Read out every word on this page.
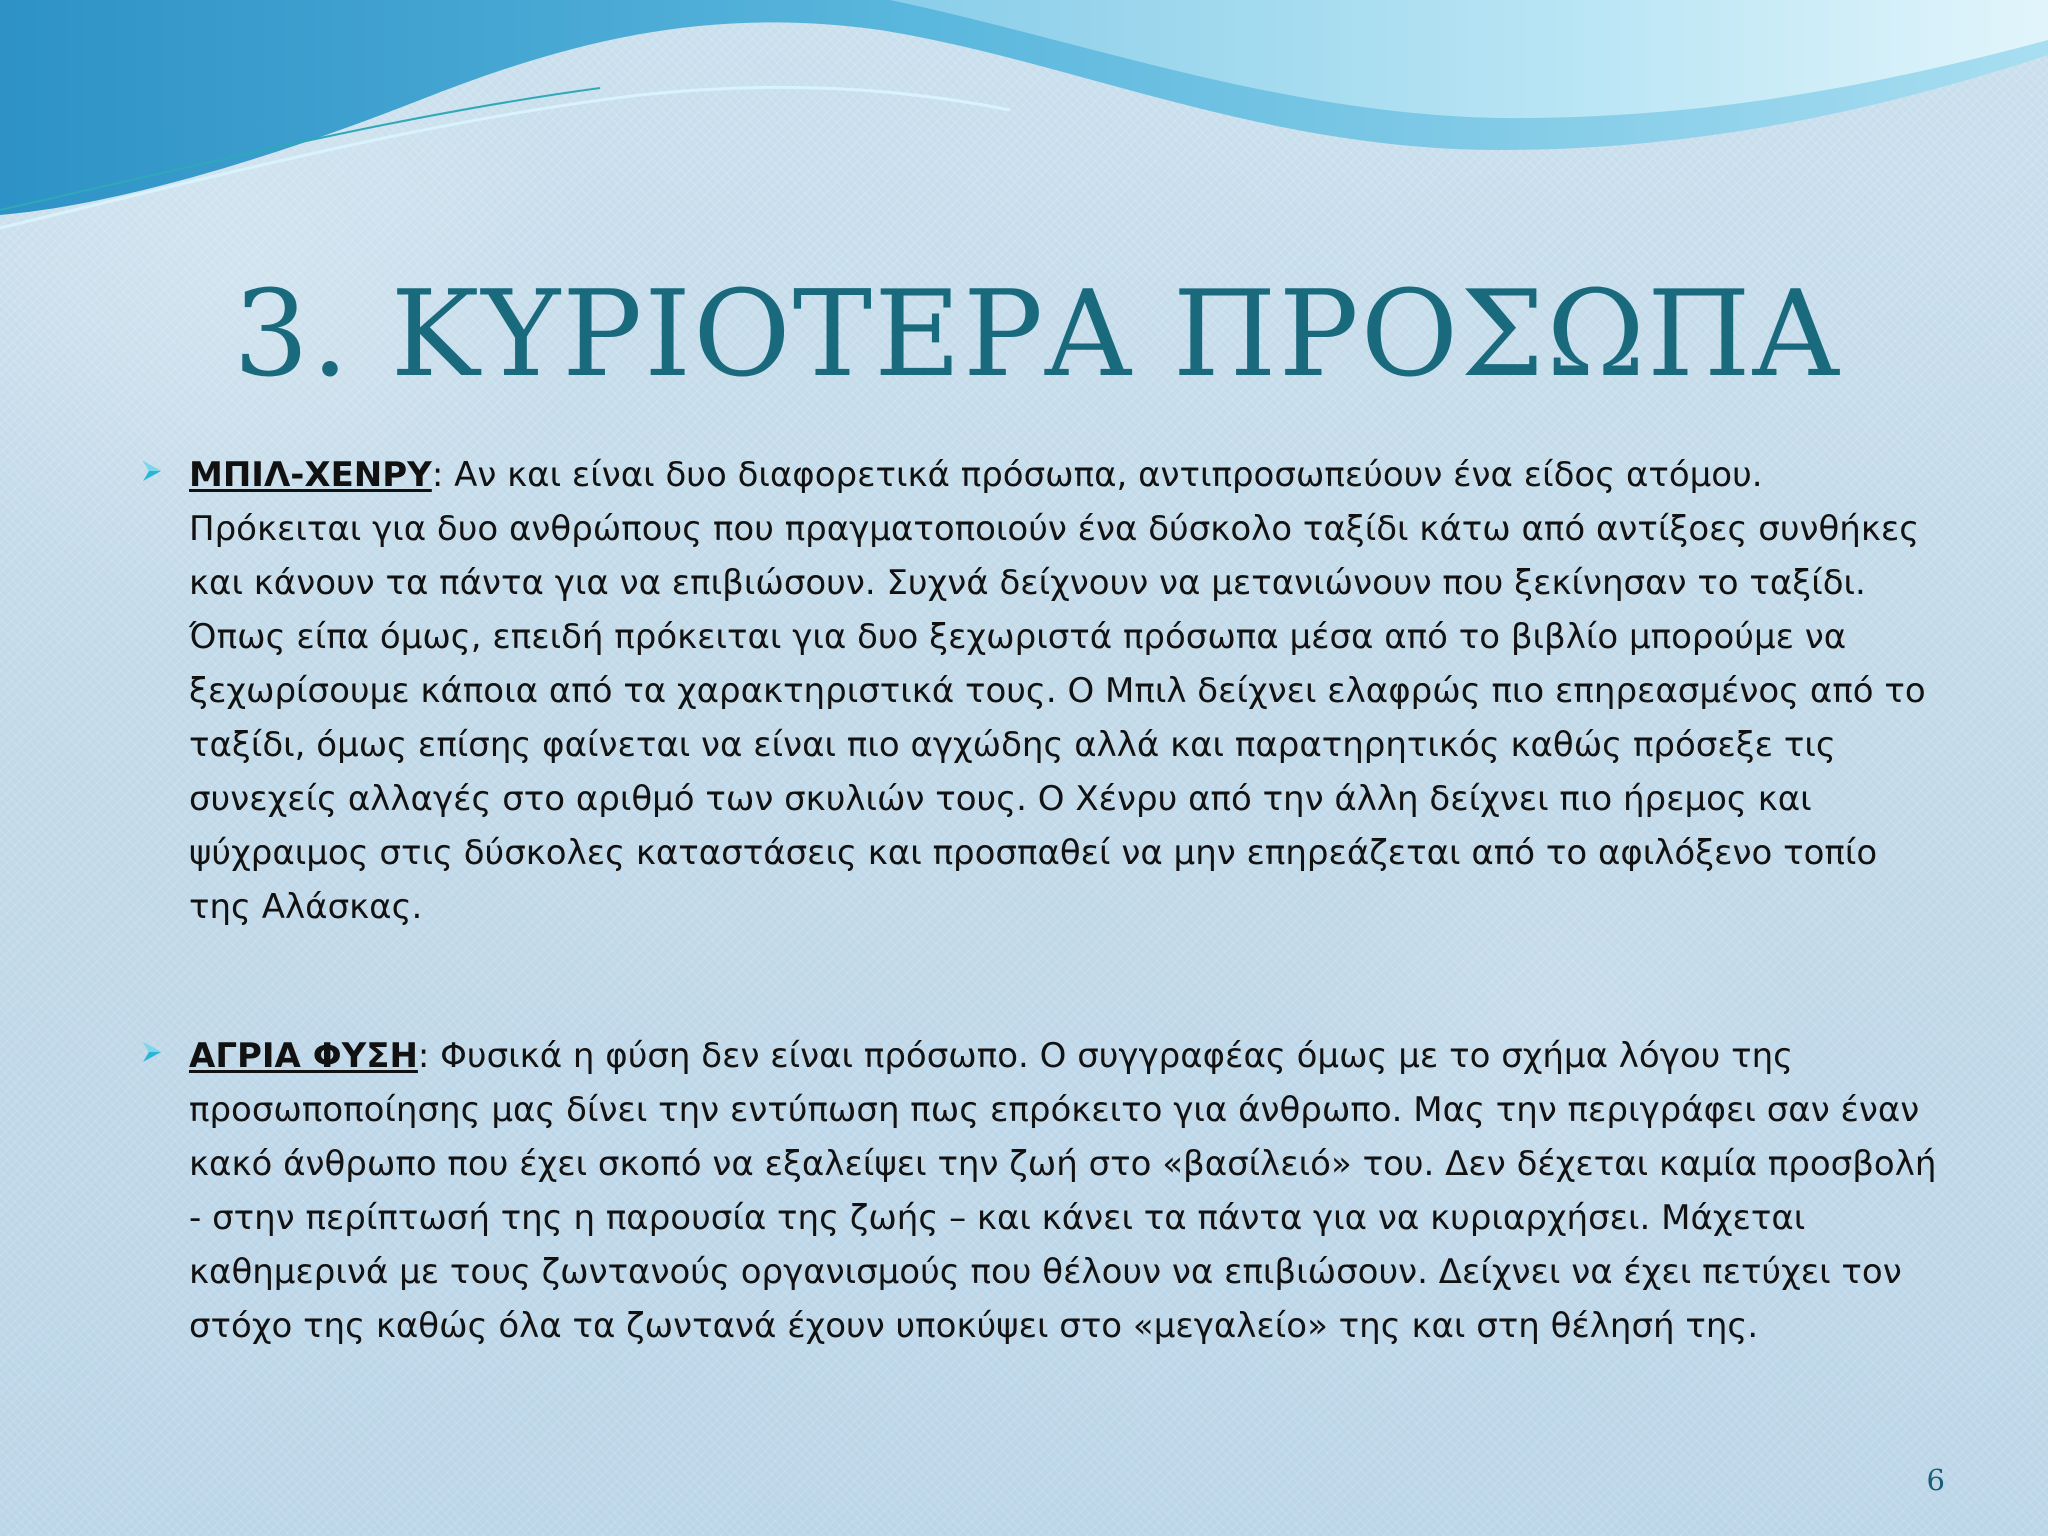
3. ΚΥΡΙΟΤΕΡΑ ΠΡΟΣΩΠΑ
ΜΠΙΛ-ΧΕΝΡΥ: Αν και είναι δυο διαφορετικά πρόσωπα, αντιπροσωπεύουν ένα είδος ατόμου. Πρόκειται για δυο ανθρώπους που πραγματοποιούν ένα δύσκολο ταξίδι κάτω από αντίξοες συνθήκες και κάνουν τα πάντα για να επιβιώσουν. Συχνά δείχνουν να μετανιώνουν που ξεκίνησαν το ταξίδι. Όπως είπα όμως, επειδή πρόκειται για δυο ξεχωριστά πρόσωπα μέσα από το βιβλίο μπορούμε να ξεχωρίσουμε κάποια από τα χαρακτηριστικά τους. Ο Μπιλ δείχνει ελαφρώς πιο επηρεασμένος από το ταξίδι, όμως επίσης φαίνεται να είναι πιο αγχώδης αλλά και παρατηρητικός καθώς πρόσεξε τις συνεχείς αλλαγές στο αριθμό των σκυλιών τους. Ο Χένρυ από την άλλη δείχνει πιο ήρεμος και ψύχραιμος στις δύσκολες καταστάσεις και προσπαθεί να μην επηρεάζεται από το αφιλόξενο τοπίο της Αλάσκας.
ΑΓΡΙΑ ΦΥΣΗ: Φυσικά η φύση δεν είναι πρόσωπο. Ο συγγραφέας όμως με το σχήμα λόγου της προσωποποίησης μας δίνει την εντύπωση πως επρόκειτο για άνθρωπο. Μας την περιγράφει σαν έναν κακό άνθρωπο που έχει σκοπό να εξαλείψει την ζωή στο «βασίλειό» του. Δεν δέχεται καμία προσβολή - στην περίπτωσή της η παρουσία της ζωής – και κάνει τα πάντα για να κυριαρχήσει. Μάχεται καθημερινά με τους ζωντανούς οργανισμούς που θέλουν να επιβιώσουν. Δείχνει να έχει πετύχει τον στόχο της καθώς όλα τα ζωντανά έχουν υποκύψει στο «μεγαλείο» της και στη θέλησή της.
6
